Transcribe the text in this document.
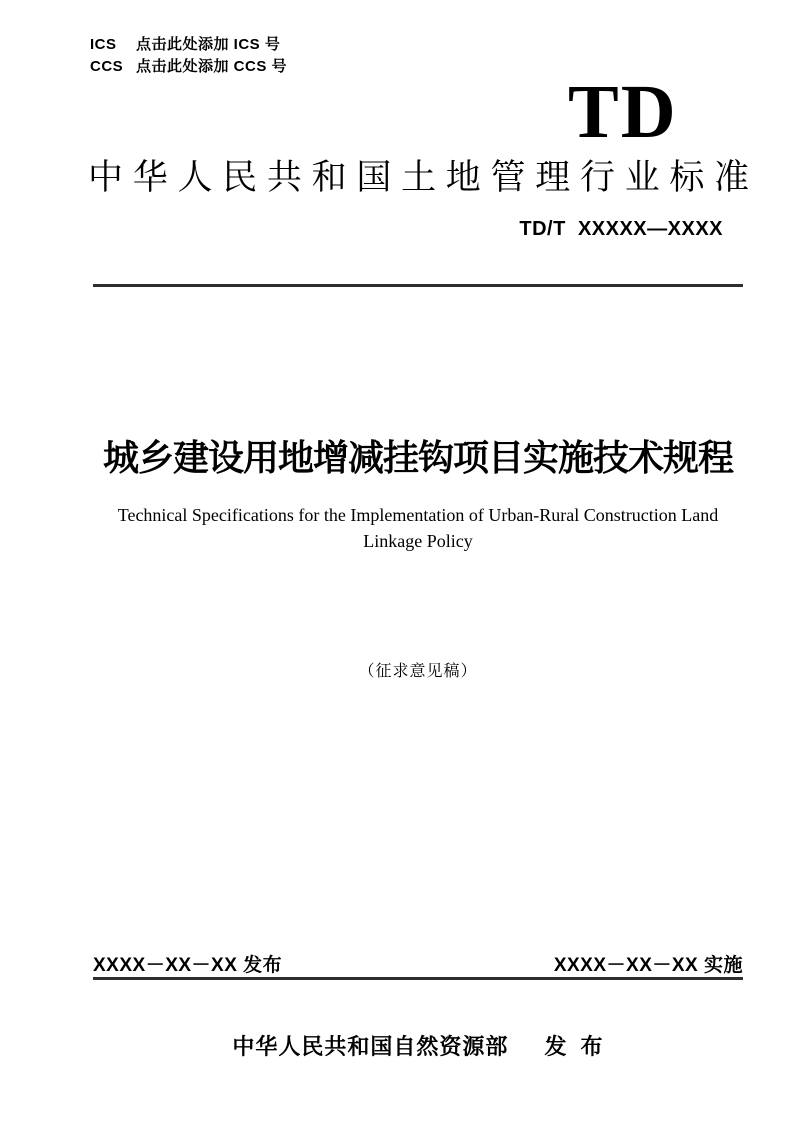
ICS	点击此处添加 ICS 号
CCS 点击此处添加 CCS 号
TD
中 华 人 民 共 和 国 土 地 管 理 行 业 标 准
TD/T  XXXXX—XXXX
城乡建设用地增减挂钩项目实施技术规程
Technical Specifications for the Implementation of Urban-Rural Construction Land Linkage Policy
（征求意见稿）
XXXX－XX－XX 发布	XXXX－XX－XX 实施
中华人民共和国自然资源部 发 布
